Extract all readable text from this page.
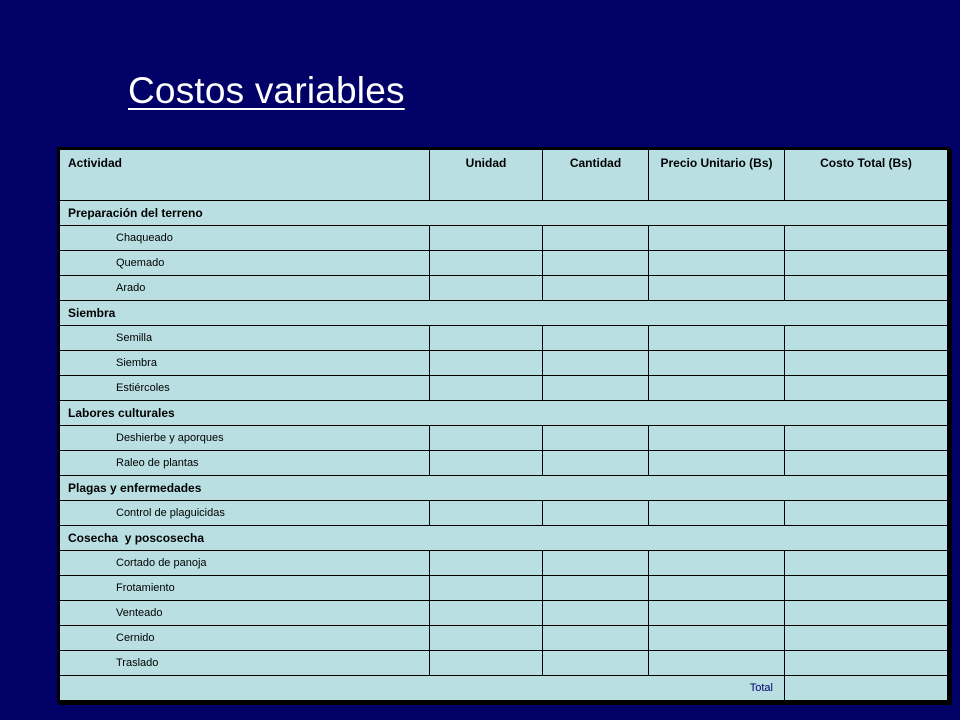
Costos variables
Actividad	Unidad	Cantidad	Precio Unitario (Bs)	Costo Total (Bs)
Preparación del terreno				
Chaqueado				
Quemado				
Arado				
Siembra				
Semilla				
Siembra				
Estiércoles				
Labores culturales				
Deshierbe y aporques				
Raleo de plantas				
Plagas y enfermedades				
Control de plaguicidas				
Cosecha  y poscosecha				
Cortado de panoja				
Frotamiento				
Venteado				
Cernido				
Traslado				
Total				
